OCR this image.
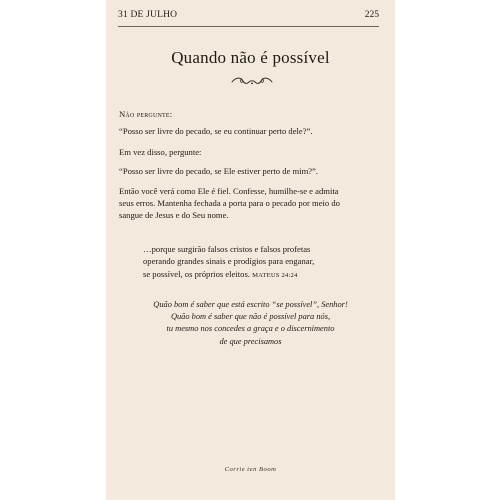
31 DE JULHO	225
Quando não é possível
Não pergunte:
“Posso ser livre do pecado, se eu continuar perto dele?”.
Em vez disso, pergunte:
“Posso ser livre do pecado, se Ele estiver perto de mim?”.
Então você verá como Ele é fiel. Confesse, humilhe-se e admita
seus erros. Mantenha fechada a porta para o pecado por meio do
sangue de Jesus e do Seu nome.
…porque surgirão falsos cristos e falsos profetas
operando grandes sinais e prodígios para enganar,
se possível, os próprios eleitos. MATEUS 24:24
Quão bom é saber que está escrito “se possível”, Senhor!
Quão bom é saber que não é possível para nós,
tu mesmo nos concedes a graça e o discernimento
de que precisamos
Corrie ten Boom
